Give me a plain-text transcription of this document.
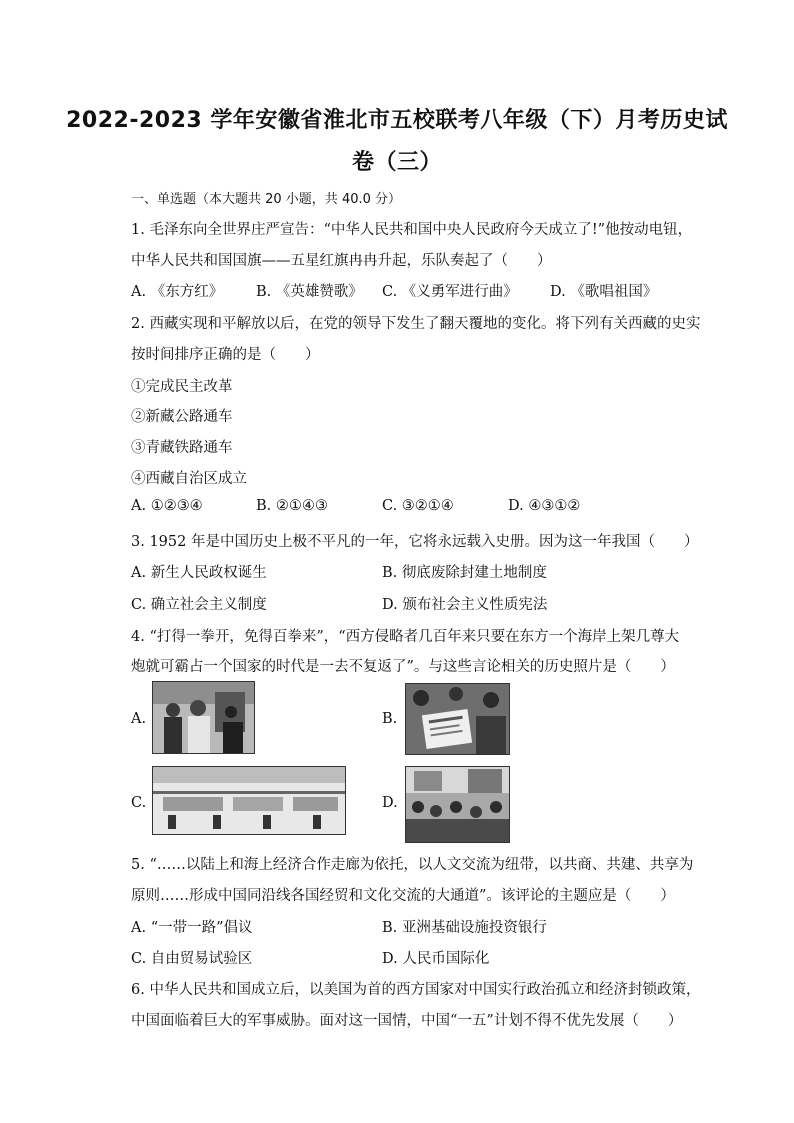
2022-2023 学年安徽省淮北市五校联考八年级（下）月考历史试
卷（三）
一、单选题（本大题共 20 小题，共 40.0 分）
1. 毛泽东向全世界庄严宣告：“中华人民共和国中央人民政府今天成立了!”他按动电钮，
中华人民共和国国旗——五星红旗冉冉升起，乐队奏起了（　　）
A. 《东方红》 B. 《英雄赞歌》 C. 《义勇军进行曲》 D. 《歌唱祖国》
2. 西藏实现和平解放以后，在党的领导下发生了翻天覆地的变化。将下列有关西藏的史实
按时间排序正确的是（　　）
①完成民主改革
②新藏公路通车
③青藏铁路通车
④西藏自治区成立
A. ①②③④	B. ②①④③	C. ③②①④	D. ④③①②
3. 1952 年是中国历史上极不平凡的一年，它将永远载入史册。因为这一年我国（　　）
A. 新生人民政权诞生	B. 彻底废除封建土地制度
C. 确立社会主义制度	D. 颁布社会主义性质宪法
4. “打得一拳开，免得百拳来”，“西方侵略者几百年来只要在东方一个海岸上架几尊大
炮就可霸占一个国家的时代是一去不复返了”。与这些言论相关的历史照片是（　　）
A.	B.
C.	D.
5. “……以陆上和海上经济合作走廊为依托，以人文交流为纽带，以共商、共建、共享为
原则……形成中国同沿线各国经贸和文化交流的大通道”。该评论的主题应是（　　）
A. “一带一路”倡议	B. 亚洲基础设施投资银行
C. 自由贸易试验区	D. 人民币国际化
6. 中华人民共和国成立后，以美国为首的西方国家对中国实行政治孤立和经济封锁政策，
中国面临着巨大的军事威胁。面对这一国情，中国“一五”计划不得不优先发展（　　）
